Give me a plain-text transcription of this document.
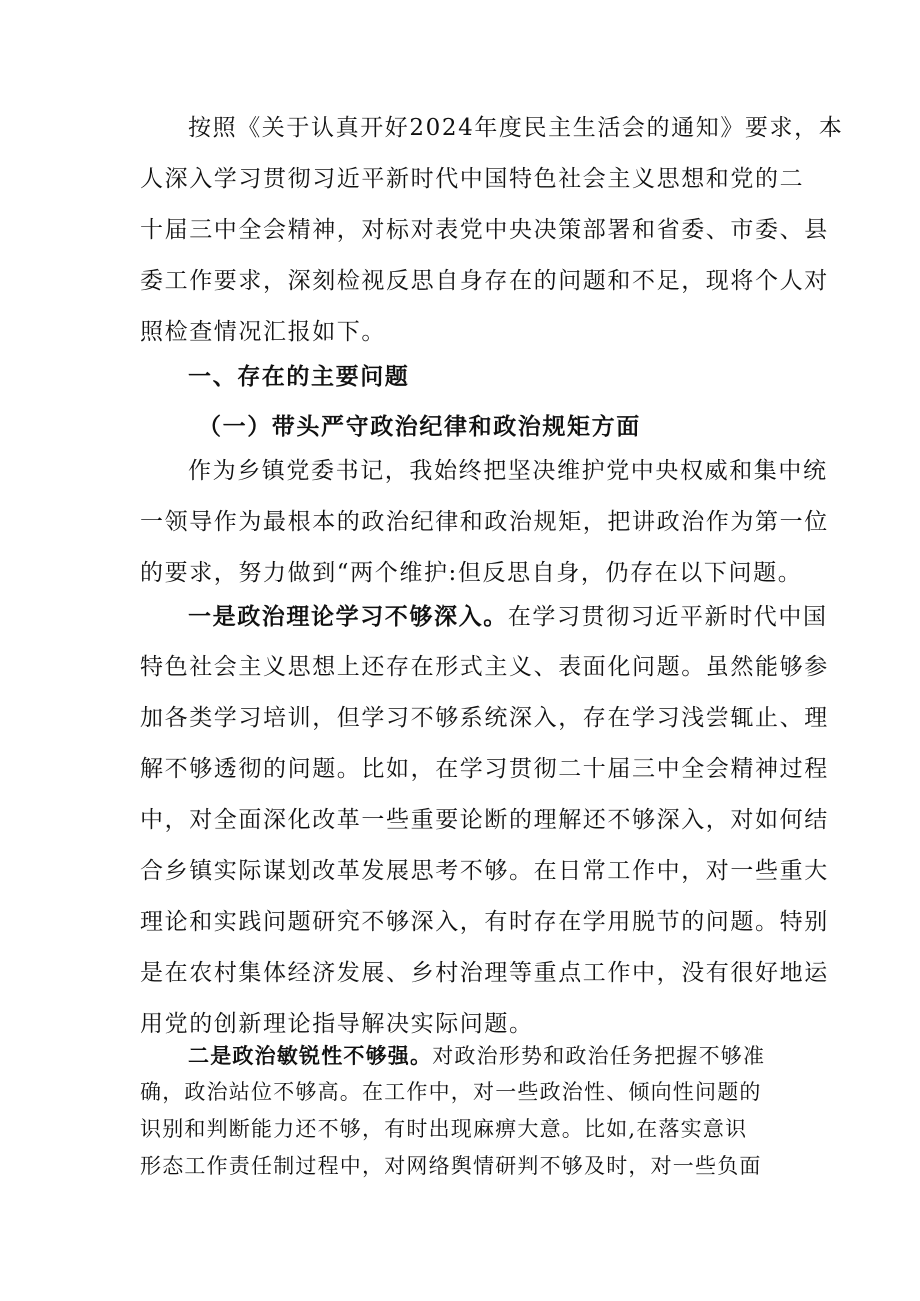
按照《关于认真开好2024年度民主生活会的通知》要求，本
人深入学习贯彻习近平新时代中国特色社会主义思想和党的二
十届三中全会精神，对标对表党中央决策部署和省委、市委、县
委工作要求，深刻检视反思自身存在的问题和不足，现将个人对
照检查情况汇报如下。
一、存在的主要问题
（一）带头严守政治纪律和政治规矩方面
作为乡镇党委书记，我始终把坚决维护党中央权威和集中统
一领导作为最根本的政治纪律和政治规矩，把讲政治作为第一位
的要求，努力做到“两个维护:但反思自身，仍存在以下问题。
一是政治理论学习不够深入。在学习贯彻习近平新时代中国
特色社会主义思想上还存在形式主义、表面化问题。虽然能够参
加各类学习培训，但学习不够系统深入，存在学习浅尝辄止、理
解不够透彻的问题。比如，在学习贯彻二十届三中全会精神过程
中，对全面深化改革一些重要论断的理解还不够深入，对如何结
合乡镇实际谋划改革发展思考不够。在日常工作中，对一些重大
理论和实践问题研究不够深入，有时存在学用脱节的问题。特别
是在农村集体经济发展、乡村治理等重点工作中，没有很好地运
用党的创新理论指导解决实际问题。
二是政治敏锐性不够强。对政治形势和政治任务把握不够准
确，政治站位不够高。在工作中，对一些政治性、倾向性问题的
识别和判断能力还不够，有时出现麻痹大意。比如,在落实意识
形态工作责任制过程中，对网络舆情研判不够及时，对一些负面
